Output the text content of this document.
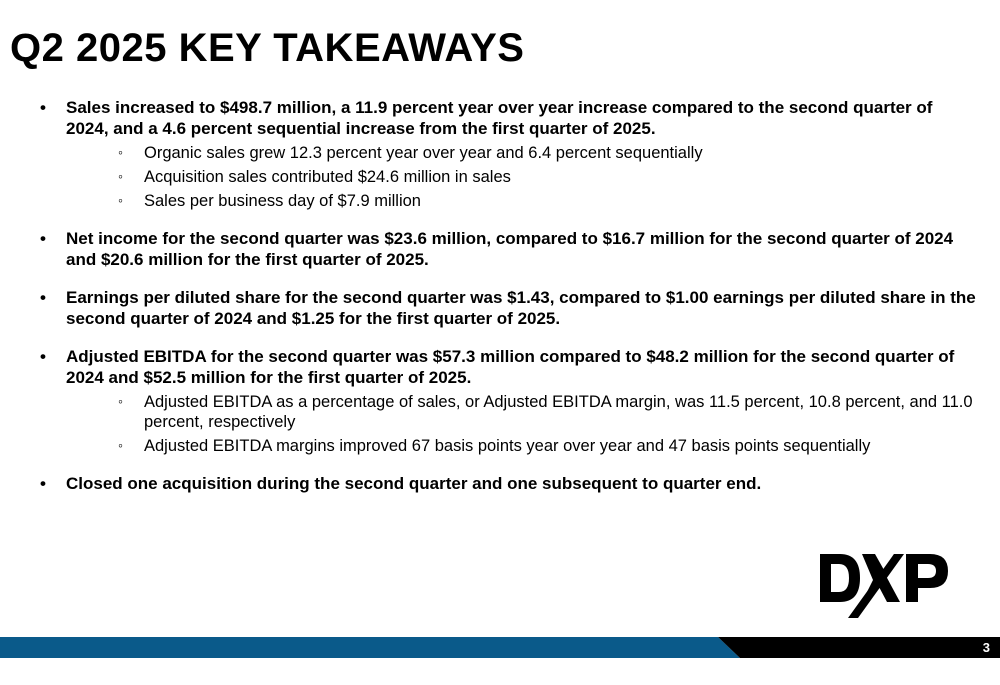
Q2 2025 KEY TAKEAWAYS
• Sales increased to $498.7 million, a 11.9 percent year over year increase compared to the second quarter of 2024, and a 4.6 percent sequential increase from the first quarter of 2025.
◦ Organic sales grew 12.3 percent year over year and 6.4 percent sequentially
◦ Acquisition sales contributed $24.6 million in sales
◦ Sales per business day of $7.9 million
• Net income for the second quarter was $23.6 million, compared to $16.7 million for the second quarter of 2024 and $20.6 million for the first quarter of 2025.
• Earnings per diluted share for the second quarter was $1.43, compared to $1.00 earnings per diluted share in the second quarter of 2024 and $1.25 for the first quarter of 2025.
• Adjusted EBITDA for the second quarter was $57.3 million compared to $48.2 million for the second quarter of 2024 and $52.5 million for the first quarter of 2025.
◦ Adjusted EBITDA as a percentage of sales, or Adjusted EBITDA margin, was 11.5 percent, 10.8 percent, and 11.0 percent, respectively
◦ Adjusted EBITDA margins improved 67 basis points year over year and 47 basis points sequentially
• Closed one acquisition during the second quarter and one subsequent to quarter end.
3
